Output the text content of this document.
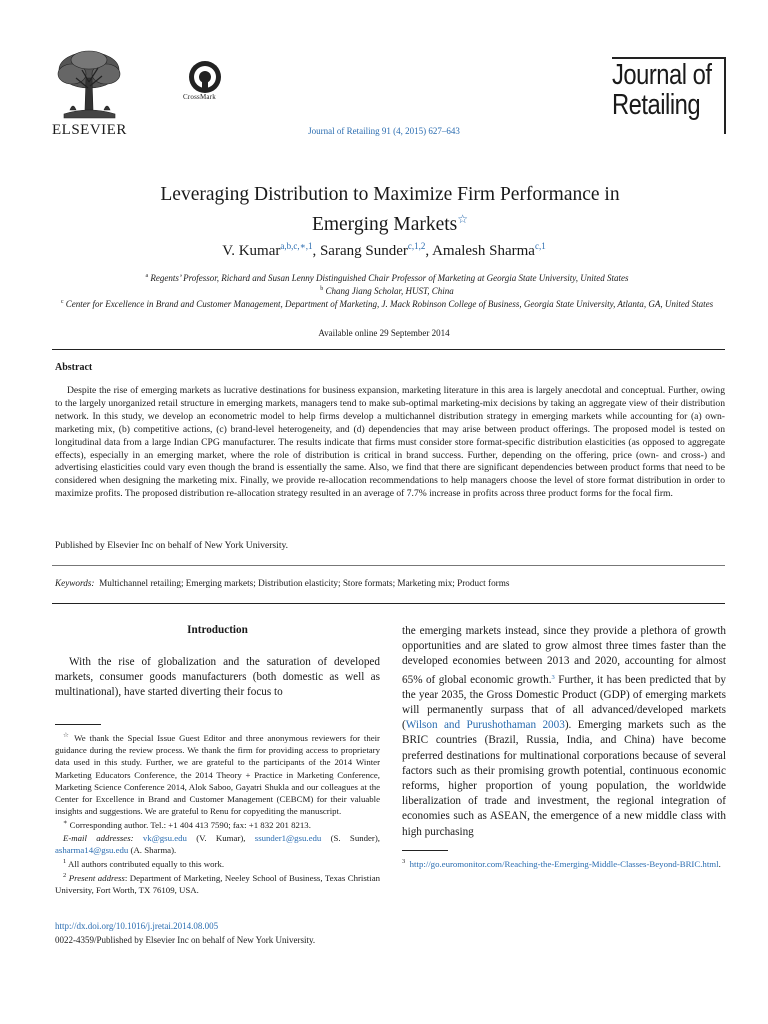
ELSEVIER
CrossMark
Journal of Retailing 91 (4, 2015) 627–643
Journal of
Retailing
Leveraging Distribution to Maximize Firm Performance in
Emerging Markets☆
V. Kumar$^{a,b,c,∗,1}$, Sarang Sunder$^{c,1,2}$, Amalesh Sharma$^{c,1}$
$^a$ Regents’ Professor, Richard and Susan Lenny Distinguished Chair Professor of Marketing at Georgia State University, United States
$^b$ Chang Jiang Scholar, HUST, China
$^c$ Center for Excellence in Brand and Customer Management, Department of Marketing, J. Mack Robinson College of Business, Georgia State University, Atlanta, GA, United States
Available online 29 September 2014
Abstract
Despite the rise of emerging markets as lucrative destinations for business expansion, marketing literature in this area is largely anecdotal and conceptual. Further, owing to the largely unorganized retail structure in emerging markets, managers tend to make sub-optimal marketing-mix decisions by taking an aggregate view of their distribution network. In this study, we develop an econometric model to help firms develop a multichannel distribution strategy in emerging markets while accounting for (a) own-marketing mix, (b) competitive actions, (c) brand-level heterogeneity, and (d) dependencies that may arise between product offerings. The proposed model is tested on longitudinal data from a large Indian CPG manufacturer. The results indicate that firms must consider store format-specific distribution elasticities (as opposed to aggregate effects), especially in an emerging market, where the role of distribution is critical in brand success. Further, depending on the offering, price (own- and cross-) and advertising elasticities could vary even though the brand is essentially the same. Also, we find that there are significant dependencies between product forms that need to be considered when designing the marketing mix. Finally, we provide re-allocation recommendations to help managers choose the level of store format distribution in order to maximize profits. The proposed distribution re-allocation strategy resulted in an average of 7.7% increase in profits across three product forms for the focal firm.
Published by Elsevier Inc on behalf of New York University.
Keywords: Multichannel retailing; Emerging markets; Distribution elasticity; Store formats; Marketing mix; Product forms
Introduction
With the rise of globalization and the saturation of developed markets, consumer goods manufacturers (both domestic as well as multinational), have started diverting their focus to
the emerging markets instead, since they provide a plethora of growth opportunities and are slated to grow almost three times faster than the developed economies between 2013 and 2020, accounting for almost 65% of global economic growth.$^3$ Further, it has been predicted that by the year 2035, the Gross Domestic Product (GDP) of emerging markets will permanently surpass that of all advanced/developed markets (Wilson and Purushothaman 2003). Emerging markets such as the BRIC countries (Brazil, Russia, India, and China) have become preferred destinations for multinational corporations because of several factors such as their promising growth potential, continuous economic reforms, higher proportion of young population, the worldwide liberalization of trade and investment, the regional integration of economies such as ASEAN, the emergence of a new middle class with high purchasing

☆ We thank the Special Issue Guest Editor and three anonymous reviewers for their guidance during the review process. We thank the firm for providing access to proprietary data used in this study. Further, we are grateful to the participants of the 2014 Winter Marketing Educators Conference, the 2014 Theory + Practice in Marketing Conference, Marketing Science Conference 2014, Alok Saboo, Gayatri Shukla and our colleagues at the Center for Excellence in Brand and Customer Management (CEBCM) for their valuable insights and suggestions. We are grateful to Renu for copyediting the manuscript.

∗ Corresponding author. Tel.: +1 404 413 7590; fax: +1 832 201 8213.

E-mail addresses: vk@gsu.edu (V. Kumar), ssunder1@gsu.edu (S. Sunder), asharma14@gsu.edu (A. Sharma).

$^1$ All authors contributed equally to this work.

$^2$ Present address: Department of Marketing, Neeley School of Business, Texas Christian University, Fort Worth, TX 76109, USA.

$^3$ http://go.euromonitor.com/Reaching-the-Emerging-Middle-Classes-Beyond-BRIC.html.
http://dx.doi.org/10.1016/j.jretai.2014.08.005
0022-4359/Published by Elsevier Inc on behalf of New York University.
